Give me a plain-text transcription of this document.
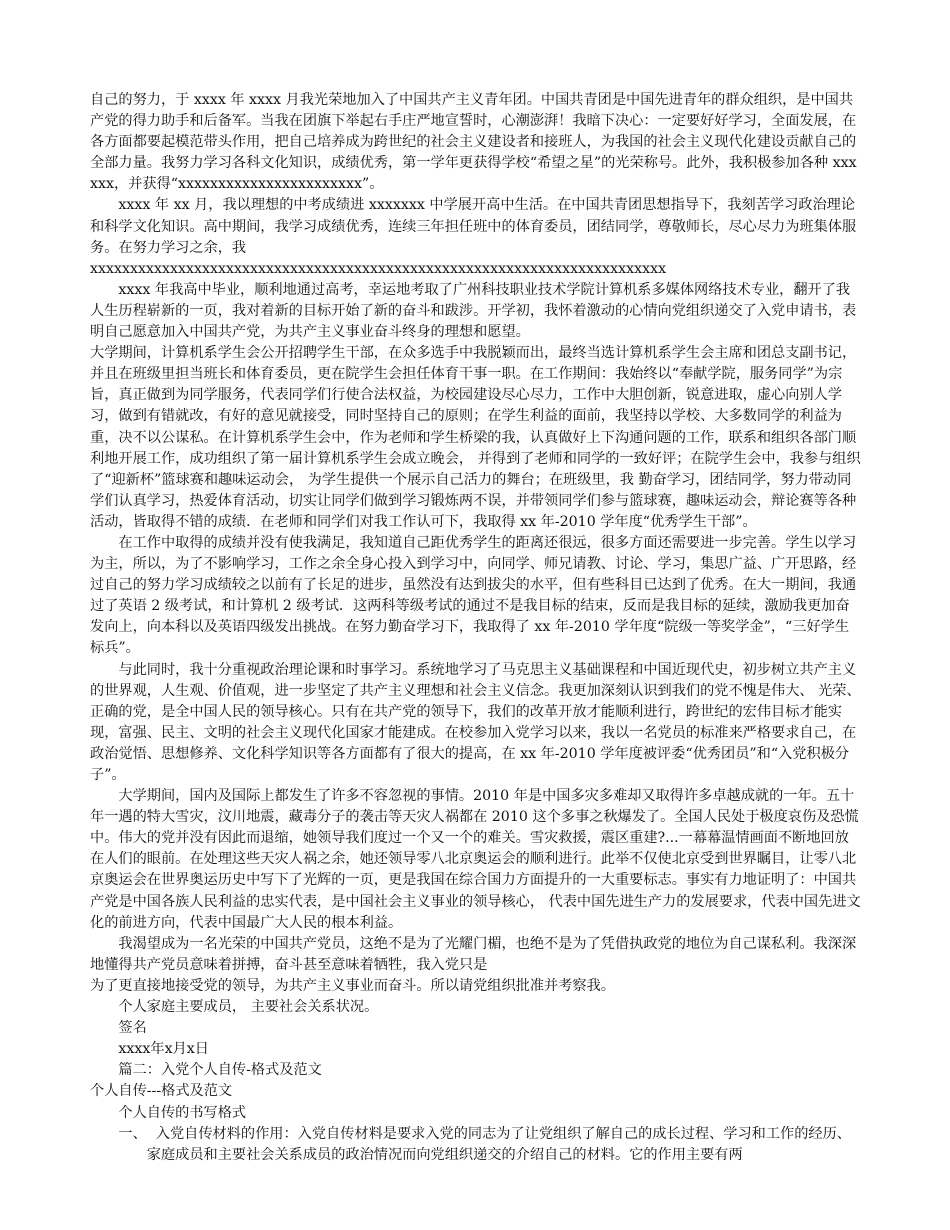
自己的努力，于 xxxx 年 xxxx 月我光荣地加入了中国共产主义青年团。中国共青团是中国先进青年的群众组织，是中国共产党的得力助手和后备军。当我在团旗下举起右手庄严地宣誓时，心潮澎湃！我暗下决心：一定要好好学习，全面发展，在各方面都要起模范带头作用，把自己培养成为跨世纪的社会主义建设者和接班人，为我国的社会主义现代化建设贡献自己的全部力量。我努力学习各科文化知识，成绩优秀，第一学年更获得学校“希望之星”的光荣称号。此外，我积极参加各种 xxxxxx，并获得“xxxxxxxxxxxxxxxxxxxxxxx”。

xxxx 年 xx 月，我以理想的中考成绩进 xxxxxxx 中学展开高中生活。在中国共青团思想指导下，我刻苦学习政治理论和科学文化知识。高中期间，我学习成绩优秀，连续三年担任班中的体育委员，团结同学，尊敬师长，尽心尽力为班集体服务。在努力学习之余，我

xxxxxxxxxxxxxxxxxxxxxxxxxxxxxxxxxxxxxxxxxxxxxxxxxxxxxxxxxxxxxxxxxxxxxxxx

xxxx 年我高中毕业，顺利地通过高考，幸运地考取了广州科技职业技术学院计算机系多媒体网络技术专业，翻开了我人生历程崭新的一页，我对着新的目标开始了新的奋斗和跋涉。开学初，我怀着激动的心情向党组织递交了入党申请书，表明自己愿意加入中国共产党，为共产主义事业奋斗终身的理想和愿望。

大学期间，计算机系学生会公开招聘学生干部，在众多选手中我脱颖而出，最终当选计算机系学生会主席和团总支副书记，并且在班级里担当班长和体育委员，更在院学生会担任体育干事一职。在工作期间：我始终以“奉献学院，服务同学”为宗旨，真正做到为同学服务，代表同学们行使合法权益，为校园建设尽心尽力，工作中大胆创新，锐意进取，虚心向别人学习，做到有错就改，有好的意见就接受，同时坚持自己的原则；在学生利益的面前，我坚持以学校、大多数同学的利益为重，决不以公谋私。在计算机系学生会中，作为老师和学生桥梁的我，认真做好上下沟通问题的工作，联系和组织各部门顺利地开展工作，成功组织了第一届计算机系学生会成立晚会， 并得到了老师和同学的一致好评；在院学生会中，我参与组织了“迎新杯”篮球赛和趣味运动会， 为学生提供一个展示自己活力的舞台；在班级里，我 勤奋学习，团结同学，努力带动同学们认真学习，热爱体育活动，切实让同学们做到学习锻炼两不误，并带领同学们参与篮球赛，趣味运动会，辩论赛等各种活动，皆取得不错的成绩．在老师和同学们对我工作认可下，我取得 xx 年-2010 学年度“优秀学生干部”。

在工作中取得的成绩并没有使我满足，我知道自己距优秀学生的距离还很远，很多方面还需要进一步完善。学生以学习为主，所以，为了不影响学习，工作之余全身心投入到学习中，向同学、师兄请教、讨论、学习，集思广益、广开思路，经过自己的努力学习成绩较之以前有了长足的进步，虽然没有达到拔尖的水平，但有些科目已达到了优秀。在大一期间，我通过了英语 2 级考试，和计算机 2 级考试．这两科等级考试的通过不是我目标的结束，反而是我目标的延续，激励我更加奋发向上，向本科以及英语四级发出挑战。在努力勤奋学习下，我取得了 xx 年-2010 学年度“院级一等奖学金”，“三好学生标兵”。

与此同时，我十分重视政治理论课和时事学习。系统地学习了马克思主义基础课程和中国近现代史，初步树立共产主义的世界观，人生观、价值观，进一步坚定了共产主义理想和社会主义信念。我更加深刻认识到我们的党不愧是伟大、 光荣、正确的党，是全中国人民的领导核心。只有在共产党的领导下，我们的改革开放才能顺利进行，跨世纪的宏伟目标才能实现，富强、民主、文明的社会主义现代化国家才能建成。在校参加入党学习以来，我以一名党员的标准来严格要求自己，在政治觉悟、思想修养、文化科学知识等各方面都有了很大的提高，在 xx 年-2010 学年度被评委“优秀团员”和“入党积极分子”。

大学期间，国内及国际上都发生了许多不容忽视的事情。2010 年是中国多灾多难却又取得许多卓越成就的一年。五十年一遇的特大雪灾，汶川地震，藏毒分子的袭击等天灾人祸都在 2010 这个多事之秋爆发了。全国人民处于极度哀伤及恐慌中。伟大的党并没有因此而退缩，她领导我们度过一个又一个的难关。雪灾救援，震区重建?...一幕幕温情画面不断地回放在人们的眼前。在处理这些天灾人祸之余，她还领导零八北京奥运会的顺利进行。此举不仅使北京受到世界瞩目，让零八北京奥运会在世界奥运历史中写下了光辉的一页，更是我国在综合国力方面提升的一大重要标志。事实有力地证明了：中国共产党是中国各族人民利益的忠实代表，是中国社会主义事业的领导核心， 代表中国先进生产力的发展要求，代表中国先进文化的前进方向，代表中国最广大人民的根本利益。

我渴望成为一名光荣的中国共产党员，这绝不是为了光耀门楣，也绝不是为了凭借执政党的地位为自己谋私利。我深深地懂得共产党员意味着拼搏，奋斗甚至意味着牺牲，我入党只是

为了更直接地接受党的领导，为共产主义事业而奋斗。所以请党组织批准并考察我。

个人家庭主要成员， 主要社会关系状况。

签名

xxxx年x月x日

篇二：入党个人自传-格式及范文

个人自传---格式及范文

个人自传的书写格式

一、  入党自传材料的作用：入党自传材料是要求入党的同志为了让党组织了解自己的成长过程、学习和工作的经历、家庭成员和主要社会关系成员的政治情况而向党组织递交的介绍自己的材料。它的作用主要有两
